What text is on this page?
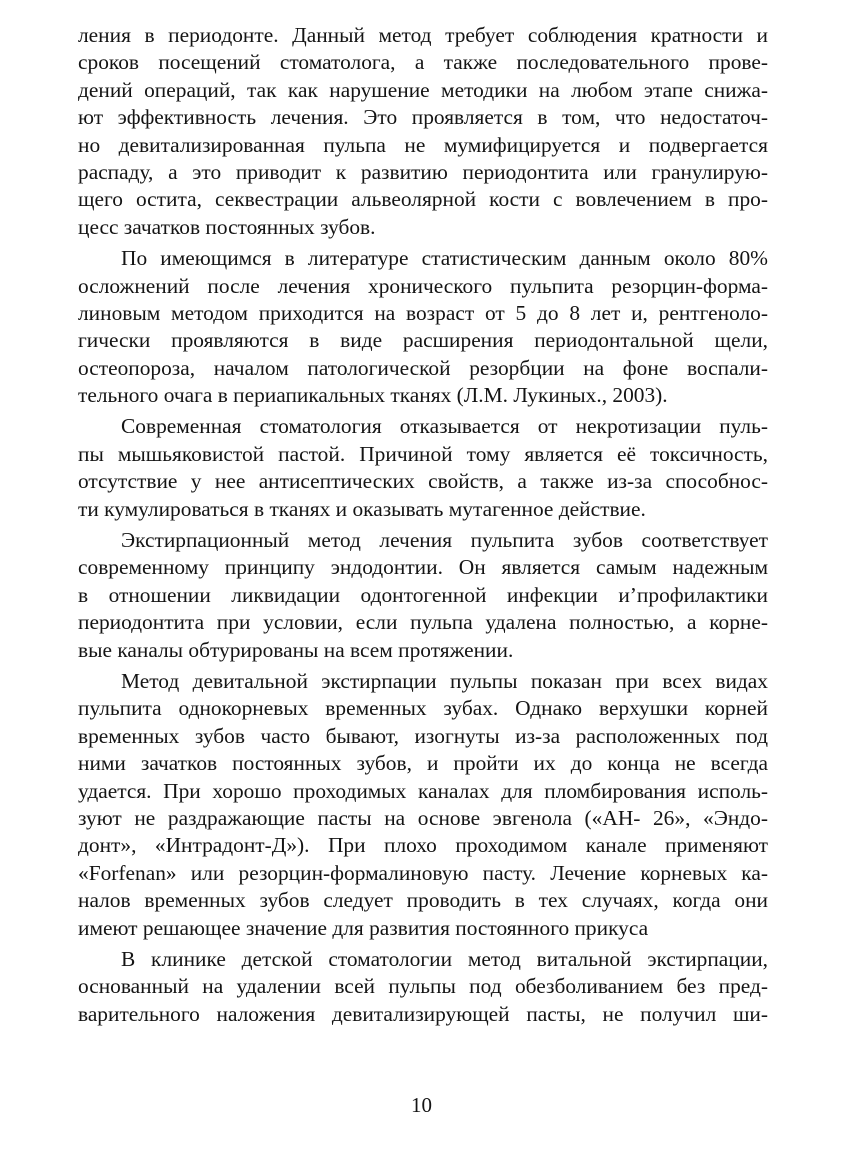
ления в периодонте. Данный метод требует соблюдения кратности и
сроков посещений стоматолога, а также последовательного прове-
дений операций, так как нарушение методики на любом этапе снижа-
ют эффективность лечения. Это проявляется в том, что недостаточ-
но девитализированная пульпа не мумифицируется и подвергается
распаду, а это приводит к развитию периодонтита или гранулирую-
щего остита, секвестрации альвеолярной кости с вовлечением в про-
цесс зачатков постоянных зубов.
По имеющимся в литературе статистическим данным около 80%
осложнений после лечения хронического пульпита резорцин-форма-
линовым методом приходится на возраст от 5 до 8 лет и, рентгеноло-
гически проявляются в виде расширения периодонтальной щели,
остеопороза, началом патологической резорбции на фоне воспали-
тельного очага в периапикальных тканях (Л.М. Лукиных., 2003).
Современная стоматология отказывается от некротизации пуль-
пы мышьяковистой пастой. Причиной тому является её токсичность,
отсутствие у нее антисептических свойств, а также из-за способнос-
ти кумулироваться в тканях и оказывать мутагенное действие.
Экстирпационный метод лечения пульпита зубов соответствует
современному принципу эндодонтии. Он является самым надежным
в отношении ликвидации одонтогенной инфекции и’профилактики
периодонтита при условии, если пульпа удалена полностью, а корне-
вые каналы обтурированы на всем протяжении.
Метод девитальной экстирпации пульпы показан при всех видах
пульпита однокорневых временных зубах. Однако верхушки корней
временных зубов часто бывают, изогнуты из-за расположенных под
ними зачатков постоянных зубов, и пройти их до конца не всегда
удается. При хорошо проходимых каналах для пломбирования исполь-
зуют не раздражающие пасты на основе эвгенола («АН- 26», «Эндо-
донт», «Интрадонт-Д»). При плохо проходимом канале применяют
«Forfenan» или резорцин-формалиновую пасту. Лечение корневых ка-
налов временных зубов следует проводить в тех случаях, когда они
имеют решающее значение для развития постоянного прикуса
В клинике детской стоматологии метод витальной экстирпации,
основанный на удалении всей пульпы под обезболиванием без пред-
варительного наложения девитализирующей пасты, не получил ши-
10
